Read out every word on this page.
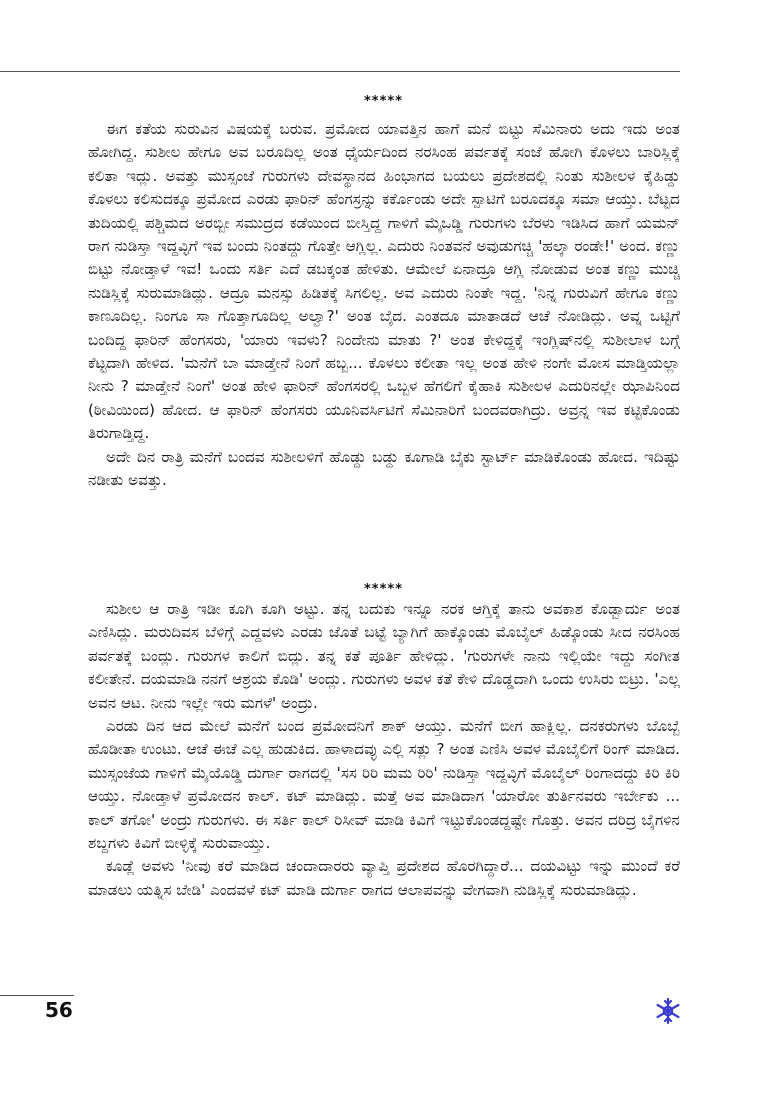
*****

ಈಗ ಕತೆಯ ಸುರುವಿನ ವಿಷಯಕ್ಕೆ ಬರುವ. ಪ್ರಮೋದ ಯಾವತ್ತಿನ ಹಾಗೆ ಮನೆ ಬಿಟ್ಟು ಸೆಮಿನಾರು ಅದು ಇದು ಅಂತ ಹೋಗಿದ್ದ. ಸುಶೀಲ ಹೇಗೂ ಅವ ಬರೂದಿಲ್ಲ ಅಂತ ಧೈರ್ಯದಿಂದ ನರಸಿಂಹ ಪರ್ವತಕ್ಕೆ ಸಂಜೆ ಹೋಗಿ ಕೊಳಲು ಬಾರಿಸ್ಲಿಕ್ಕೆ ಕಲಿತಾ ಇದ್ಲು. ಅವತ್ತು ಮುಸ್ಸಂಜೆ ಗುರುಗಳು ದೇವಸ್ಥಾನದ ಹಿಂಭಾಗದ ಬಯಲು ಪ್ರದೇಶದಲ್ಲಿ ನಿಂತು ಸುಶೀಲಳ ಕೈಹಿಡ್ದು ಕೊಳಲು ಕಲಿಸುದಕ್ಕೂ ಪ್ರಮೋದ ಎರಡು ಫಾರಿನ್ ಹೆಂಗಸ್ರನ್ನು ಕರ್ಕೊಂಡು ಅದೇ ಸ್ಪಾಟಿಗೆ ಬರೂದಕ್ಕೂ ಸಮಾ ಆಯ್ತು. ಬೆಟ್ಟದ ತುದಿಯಲ್ಲಿ ಪಶ್ಚಿಮದ ಅರಬ್ಬೀ ಸಮುದ್ರದ ಕಡೆಯಿಂದ ಬೀಸ್ತಿದ್ದ ಗಾಳಿಗೆ ಮೈಒಡ್ಡಿ ಗುರುಗಳು ಬೆರಳು ಇಡಿಸಿದ ಹಾಗೆ ಯಮನ್ ರಾಗ ನುಡಿಸ್ತಾ ಇದ್ದವ್ಳಿಗೆ ಇವ ಬಂದು ನಿಂತದ್ದು ಗೊತ್ತೇ ಆಗ್ಲಿಲ್ಲ. ಎದುರು ನಿಂತವನೆ ಅವುಡುಗಚ್ಚಿ 'ಹಲ್ಕಾ ರಂಡೇ!' ಅಂದ. ಕಣ್ಣು ಬಿಟ್ಟು ನೋಡ್ತಾಳೆ ಇವ! ಒಂದು ಸರ್ತಿ ಎದೆ ಡಬಕ್ಕಂತ ಹೇಳಿತು. ಆಮೇಲೆ ಏನಾದ್ರೂ ಆಗ್ಲಿ ನೋಡುವ ಅಂತ ಕಣ್ಣು ಮುಚ್ಚಿ ನುಡಿಸ್ಲಿಕ್ಕೆ ಸುರುಮಾಡಿದ್ಲು. ಆದ್ರೂ ಮನಸ್ಸು ಹಿಡಿತಕ್ಕೆ ಸಿಗಲಿಲ್ಲ. ಅವ ಎದುರು ನಿಂತೇ ಇದ್ದ. 'ನಿನ್ನ ಗುರುವಿಗೆ ಹೇಗೂ ಕಣ್ಣು ಕಾಣೂದಿಲ್ಲ. ನಿಂಗೂ ಸಾ ಗೊತ್ತಾಗೂದಿಲ್ಲ ಅಲ್ವಾ?' ಅಂತ ಬೈದ. ಎಂತದೂ ಮಾತಾಡದೆ ಆಚೆ ನೋಡಿದ್ಲು. ಅವ್ನ ಒಟ್ಟಿಗೆ ಬಂದಿದ್ದ ಫಾರಿನ್ ಹೆಂಗಸರು, 'ಯಾರು ಇವಳು? ನಿಂದೇನು ಮಾತು ?' ಅಂತ ಕೇಳಿದ್ದಕ್ಕೆ ಇಂಗ್ಲಿಷ್‌ನಲ್ಲಿ ಸುಶೀಲಾಳ ಬಗ್ಗೆ ಕೆಟ್ಟದಾಗಿ ಹೇಳಿದ. 'ಮನೆಗೆ ಬಾ ಮಾಡ್ತೇನೆ ನಿಂಗೆ ಹಬ್ಬ... ಕೊಳಲು ಕಲೀತಾ ಇಲ್ಲ ಅಂತ ಹೇಳಿ ನಂಗೇ ಮೋಸ ಮಾಡ್ತಿಯಲ್ಲಾ ನೀನು ? ಮಾಡ್ತೇನೆ ನಿಂಗೆ' ಅಂತ ಹೇಳಿ ಫಾರಿನ್ ಹೆಂಗಸರಲ್ಲಿ ಒಬ್ಬಳ ಹೆಗಲಿಗೆ ಕೈಹಾಕಿ ಸುಶೀಲಳ ಎದುರಿನಲ್ಲೇ ಝಾಪಿನಿಂದ (ಠೀವಿಯಿಂದ) ಹೋದ. ಆ ಫಾರಿನ್ ಹೆಂಗಸರು ಯೂನಿವರ್ಸಿಟಿಗೆ ಸೆಮಿನಾರಿಗೆ ಬಂದವರಾಗಿದ್ರು. ಅವ್ರನ್ನ ಇವ ಕಟ್ಟಿಕೊಂಡು ತಿರುಗಾಡ್ತಿದ್ದ.

ಅದೇ ದಿನ ರಾತ್ರಿ ಮನೆಗೆ ಬಂದವ ಸುಶೀಲಳಿಗೆ ಹೊಡ್ದು ಬಡ್ದು ಕೂಗಾಡಿ ಬೈಕು ಸ್ಟಾರ್ಟ್ ಮಾಡಿಕೊಂಡು ಹೋದ. ಇದಿಷ್ಟು ನಡೀತು ಅವತ್ತು.

*****

ಸುಶೀಲ ಆ ರಾತ್ರಿ ಇಡೀ ಕೂಗಿ ಕೂಗಿ ಅಟ್ಟು. ತನ್ನ ಬದುಕು ಇನ್ನೂ ನರಕ ಆಗ್ತಿಕ್ಕೆ ತಾನು ಅವಕಾಶ ಕೊಡ್ಬಾರ್ದು ಅಂತ ಎಣಿಸಿದ್ಲು. ಮರುದಿವಸ ಬೆಳಿಗ್ಗೆ ಎದ್ದವಳು ಎರಡು ಜೊತೆ ಬಟ್ಟೆ ಬ್ಯಾಗಿಗೆ ಹಾಕ್ಕೊಂಡು ಮೊಬೈಲ್ ಹಿಡ್ಕೊಂಡು ಸೀದ ನರಸಿಂಹ ಪರ್ವತಕ್ಕೆ ಬಂದ್ಲು. ಗುರುಗಳ ಕಾಲಿಗೆ ಬಿದ್ಲು. ತನ್ನ ಕತೆ ಪೂರ್ತಿ ಹೇಳಿದ್ಲು. 'ಗುರುಗಳೇ ನಾನು ಇಲ್ಲಿಯೇ ಇದ್ದು ಸಂಗೀತ ಕಲೀತೇನೆ. ದಯಮಾಡಿ ನನಗೆ ಆಶ್ರಯ ಕೊಡಿ' ಅಂದ್ಲು. ಗುರುಗಳು ಅವಳ ಕತೆ ಕೇಳಿ ದೊಡ್ಡದಾಗಿ ಒಂದು ಉಸಿರು ಬಿಟ್ರು. 'ಎಲ್ಲ ಅವನ ಆಟ. ನೀನು ಇಲ್ಲೇ ಇರು ಮಗಳೆ' ಅಂದ್ರು.

ಎರಡು ದಿನ ಆದ ಮೇಲೆ ಮನೆಗೆ ಬಂದ ಪ್ರಮೋದನಿಗೆ ಶಾಕ್ ಆಯ್ತು. ಮನೆಗೆ ಬೀಗ ಹಾಕ್ಲಿಲ್ಲ. ದನಕರುಗಳು ಬೊಬ್ಬೆ ಹೊಡೀತಾ ಉಂಟು. ಆಚೆ ಈಚೆ ಎಲ್ಲ ಹುಡುಕಿದ. ಹಾಳಾದವ್ಳು ಎಲ್ಲಿ ಸತ್ಲು ? ಅಂತ ಎಣಿಸಿ ಅವಳ ಮೊಬೈಲಿಗೆ ರಿಂಗ್ ಮಾಡಿದ. ಮುಸ್ಸಂಜೆಯ ಗಾಳಿಗೆ ಮೈಯೊಡ್ಡಿ ದುರ್ಗಾ ರಾಗದಲ್ಲಿ 'ಸಸ ರಿರಿ ಮಮ ರಿರಿ' ನುಡಿಸ್ತಾ ಇದ್ದವ್ಳಿಗೆ ಮೊಬೈಲ್ ರಿಂಗಾದದ್ದು ಕಿರಿ ಕಿರಿ ಆಯ್ತು. ನೋಡ್ತಾಳೆ ಪ್ರಮೋದನ ಕಾಲ್. ಕಟ್ ಮಾಡಿದ್ಲು. ಮತ್ತೆ ಅವ ಮಾಡಿದಾಗ 'ಯಾರೋ ತುರ್ತಿನವರು ಇರ್ಬೇಕು ... ಕಾಲ್ ತಗೋ' ಅಂದ್ರು ಗುರುಗಳು. ಈ ಸರ್ತಿ ಕಾಲ್ ರಿಸೀವ್ ಮಾಡಿ ಕಿವಿಗೆ ಇಟ್ಟುಕೊಂಡದ್ದಷ್ಟೇ ಗೊತ್ತು. ಅವನ ದರಿದ್ರ ಬೈಗಳಿನ ಶಬ್ದಗಳು ಕಿವಿಗೆ ಬೀಳ್ಳಿಕ್ಕೆ ಸುರುವಾಯ್ತು.

ಕೂಡ್ಲೆ ಅವಳು 'ನೀವು ಕರೆ ಮಾಡಿದ ಚಂದಾದಾರರು ವ್ಯಾಪ್ತಿ ಪ್ರದೇಶದ ಹೊರಗಿದ್ದಾರೆ... ದಯವಿಟ್ಟು ಇನ್ನು ಮುಂದೆ ಕರೆ ಮಾಡಲು ಯತ್ನಿಸ ಬೇಡಿ' ಎಂದವಳೆ ಕಟ್ ಮಾಡಿ ದುರ್ಗಾ ರಾಗದ ಆಲಾಪವನ್ನು ವೇಗವಾಗಿ ನುಡಿಸ್ಲಿಕ್ಕೆ ಸುರುಮಾಡಿದ್ಲು.

56
